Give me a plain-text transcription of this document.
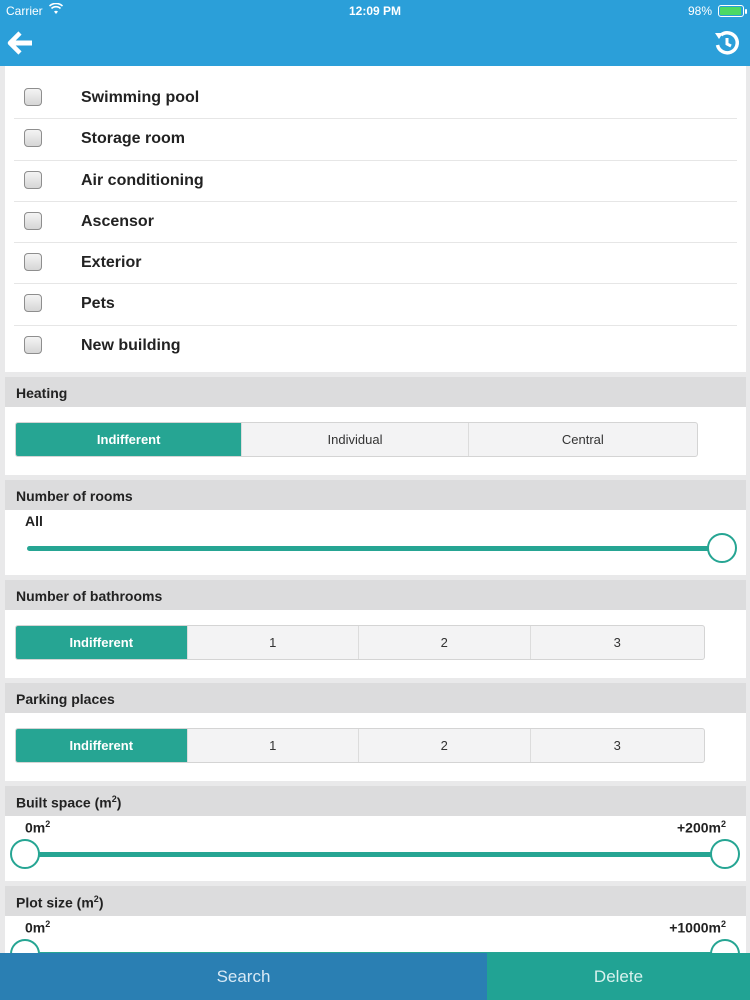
Carrier	12:09 PM	98%
Swimming pool
Storage room
Air conditioning
Ascensor
Exterior
Pets
New building
Heating
Indifferent	Individual	Central
Number of rooms
All
Number of bathrooms
Indifferent	1	2	3
Parking places
Indifferent	1	2	3
Built space $(m^2)$
$0m^2$	$+200m^2$
Plot size $(m^2)$
$0m^2$	$+1000m^2$
Search	Delete
